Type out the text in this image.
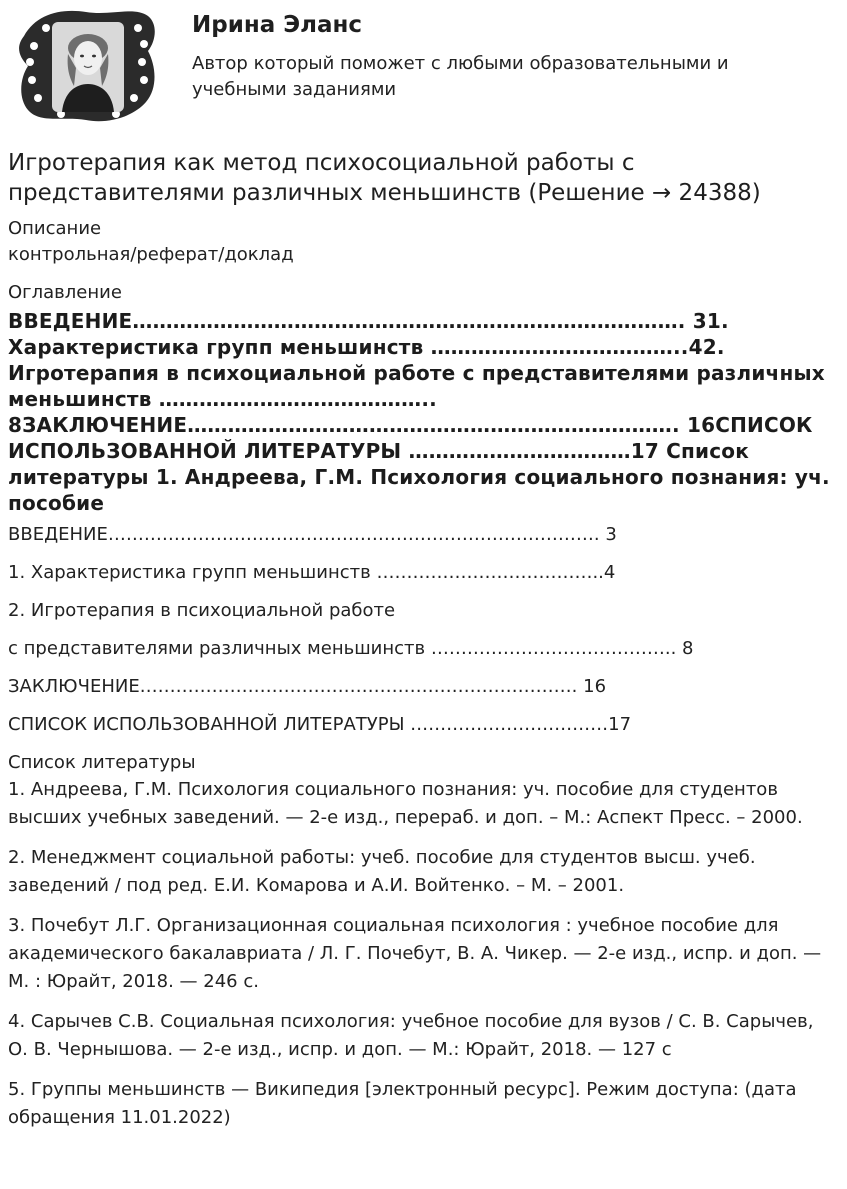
Ирина Эланс

Автор который поможет с любыми образовательными и учебными заданиями

Игротерапия как метод психосоциальной работы с представителями различных меньшинств (Решение → 24388)
Описание
контрольная/реферат/доклад
Оглавление
ВВЕДЕНИЕ………………………………………………………………………. 31. Характеристика групп меньшинств ………………………………..42. Игротерапия в психоциальной работе с представителями различных меньшинств ………………………………….. 8ЗАКЛЮЧЕНИЕ………………………………………………………………. 16СПИСОК ИСПОЛЬЗОВАННОЙ ЛИТЕРАТУРЫ ……………………………17 Список литературы 1. Андреева, Г.М. Психология социального познания: уч. пособие
ВВЕДЕНИЕ………………………………………………………………………. 3
1. Характеристика групп меньшинств ………………………………..4
2. Игротерапия в психоциальной работе
с представителями различных меньшинств ………………………………….. 8
ЗАКЛЮЧЕНИЕ………………………………………………………………. 16
СПИСОК ИСПОЛЬЗОВАННОЙ ЛИТЕРАТУРЫ ……………………………17
Список литературы
1. Андреева, Г.М. Психология социального познания: уч. пособие для студентов высших учебных заведений. — 2-е изд., перераб. и доп. – М.: Аспект Пресс. – 2000.
2. Менеджмент социальной работы: учеб. пособие для студентов высш. учеб. заведений / под ред. Е.И. Комарова и А.И. Войтенко. – М. – 2001.
3. Почебут Л.Г. Организационная социальная психология : учебное пособие для академического бакалавриата / Л. Г. Почебут, В. А. Чикер. — 2-е изд., испр. и доп. — М. : Юрайт, 2018. — 246 с.
4. Сарычев С.В. Социальная психология: учебное пособие для вузов / С. В. Сарычев, О. В. Чернышова. — 2-е изд., испр. и доп. — М.: Юрайт, 2018. — 127 с
5. Группы меньшинств — Википедия [электронный ресурс]. Режим доступа: (дата обращения 11.01.2022)
